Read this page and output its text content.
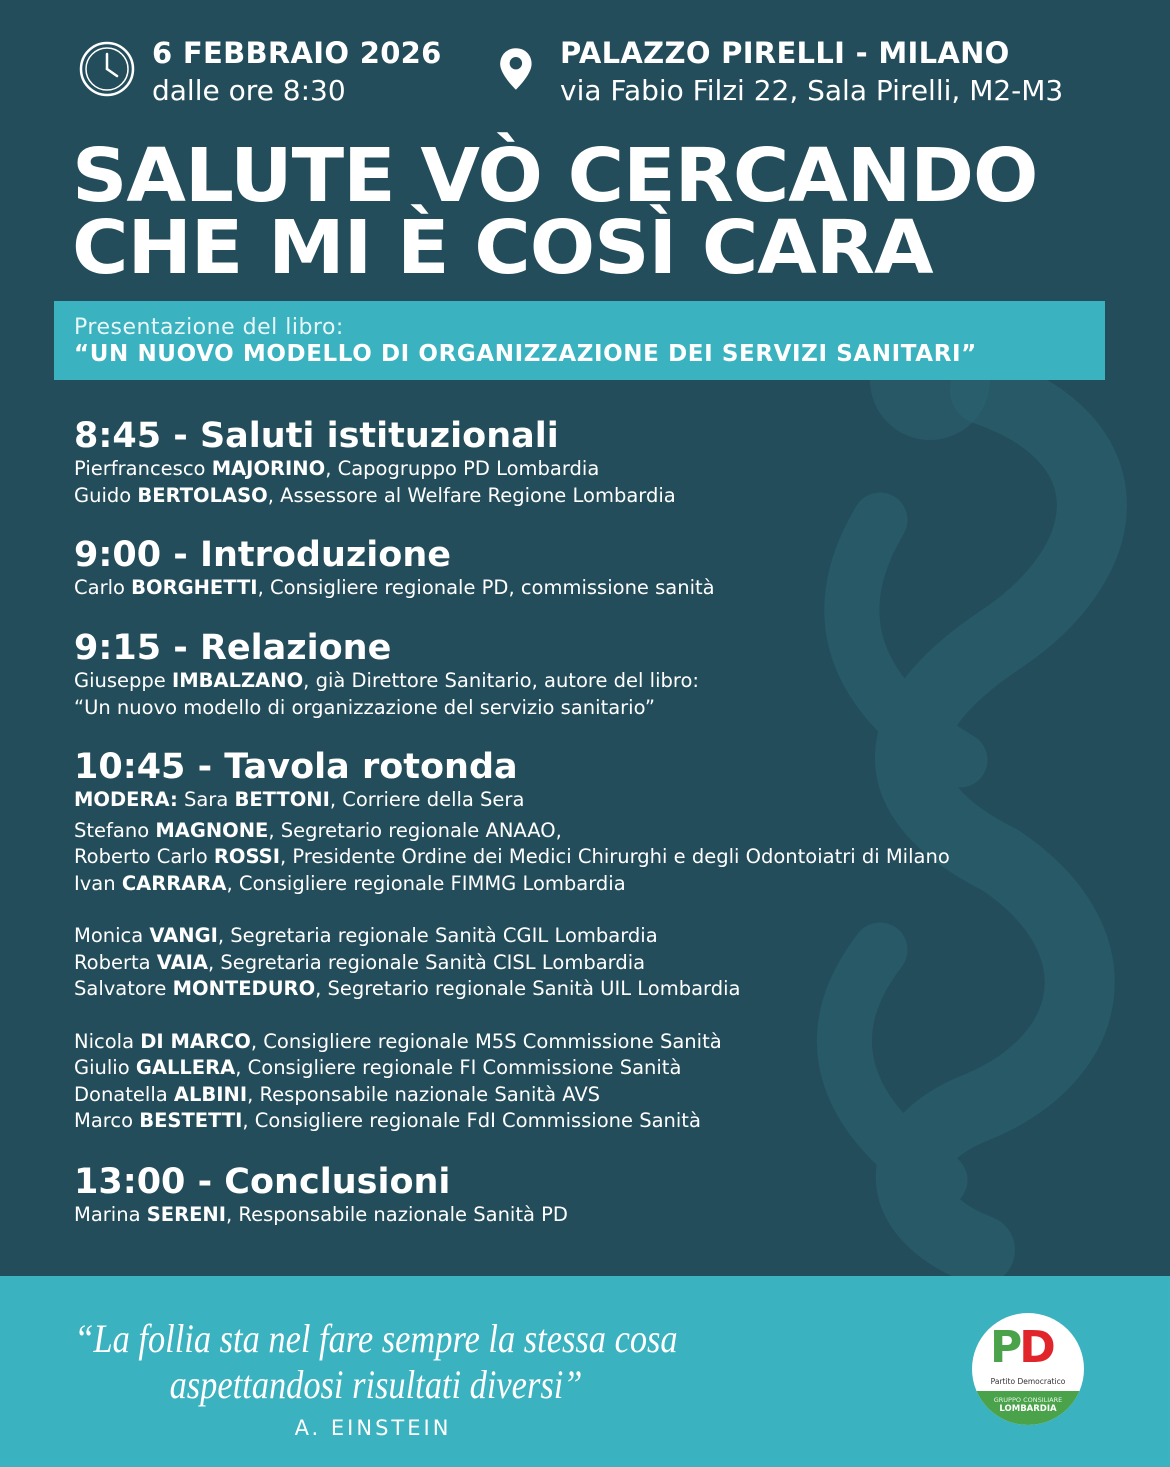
6 FEBBRAIO 2026
dalle ore 8:30
PALAZZO PIRELLI - MILANO
via Fabio Filzi 22, Sala Pirelli, M2-M3
SALUTE VÒ CERCANDO
CHE MI È COSÌ CARA
Presentazione del libro:
“UN NUOVO MODELLO DI ORGANIZZAZIONE DEI SERVIZI SANITARI”
8:45 - Saluti istituzionali
Pierfrancesco MAJORINO, Capogruppo PD Lombardia
Guido BERTOLASO, Assessore al Welfare Regione Lombardia
9:00 - Introduzione
Carlo BORGHETTI, Consigliere regionale PD, commissione sanità
9:15 - Relazione
Giuseppe IMBALZANO, già Direttore Sanitario, autore del libro:
“Un nuovo modello di organizzazione del servizio sanitario”
10:45 - Tavola rotonda
MODERA: Sara BETTONI, Corriere della Sera
Stefano MAGNONE, Segretario regionale ANAAO,
Roberto Carlo ROSSI, Presidente Ordine dei Medici Chirurghi e degli Odontoiatri di Milano
Ivan CARRARA, Consigliere regionale FIMMG Lombardia
Monica VANGI, Segretaria regionale Sanità CGIL Lombardia
Roberta VAIA, Segretaria regionale Sanità CISL Lombardia
Salvatore MONTEDURO, Segretario regionale Sanità UIL Lombardia
Nicola DI MARCO, Consigliere regionale M5S Commissione Sanità
Giulio GALLERA, Consigliere regionale FI Commissione Sanità
Donatella ALBINI, Responsabile nazionale Sanità AVS
Marco BESTETTI, Consigliere regionale FdI Commissione Sanità
13:00 - Conclusioni
Marina SERENI, Responsabile nazionale Sanità PD
“La follia sta nel fare sempre la stessa cosa
aspettandosi risultati diversi”
A. EINSTEIN
PD
Partito Democratico
GRUPPO CONSILIARE
LOMBARDIA
